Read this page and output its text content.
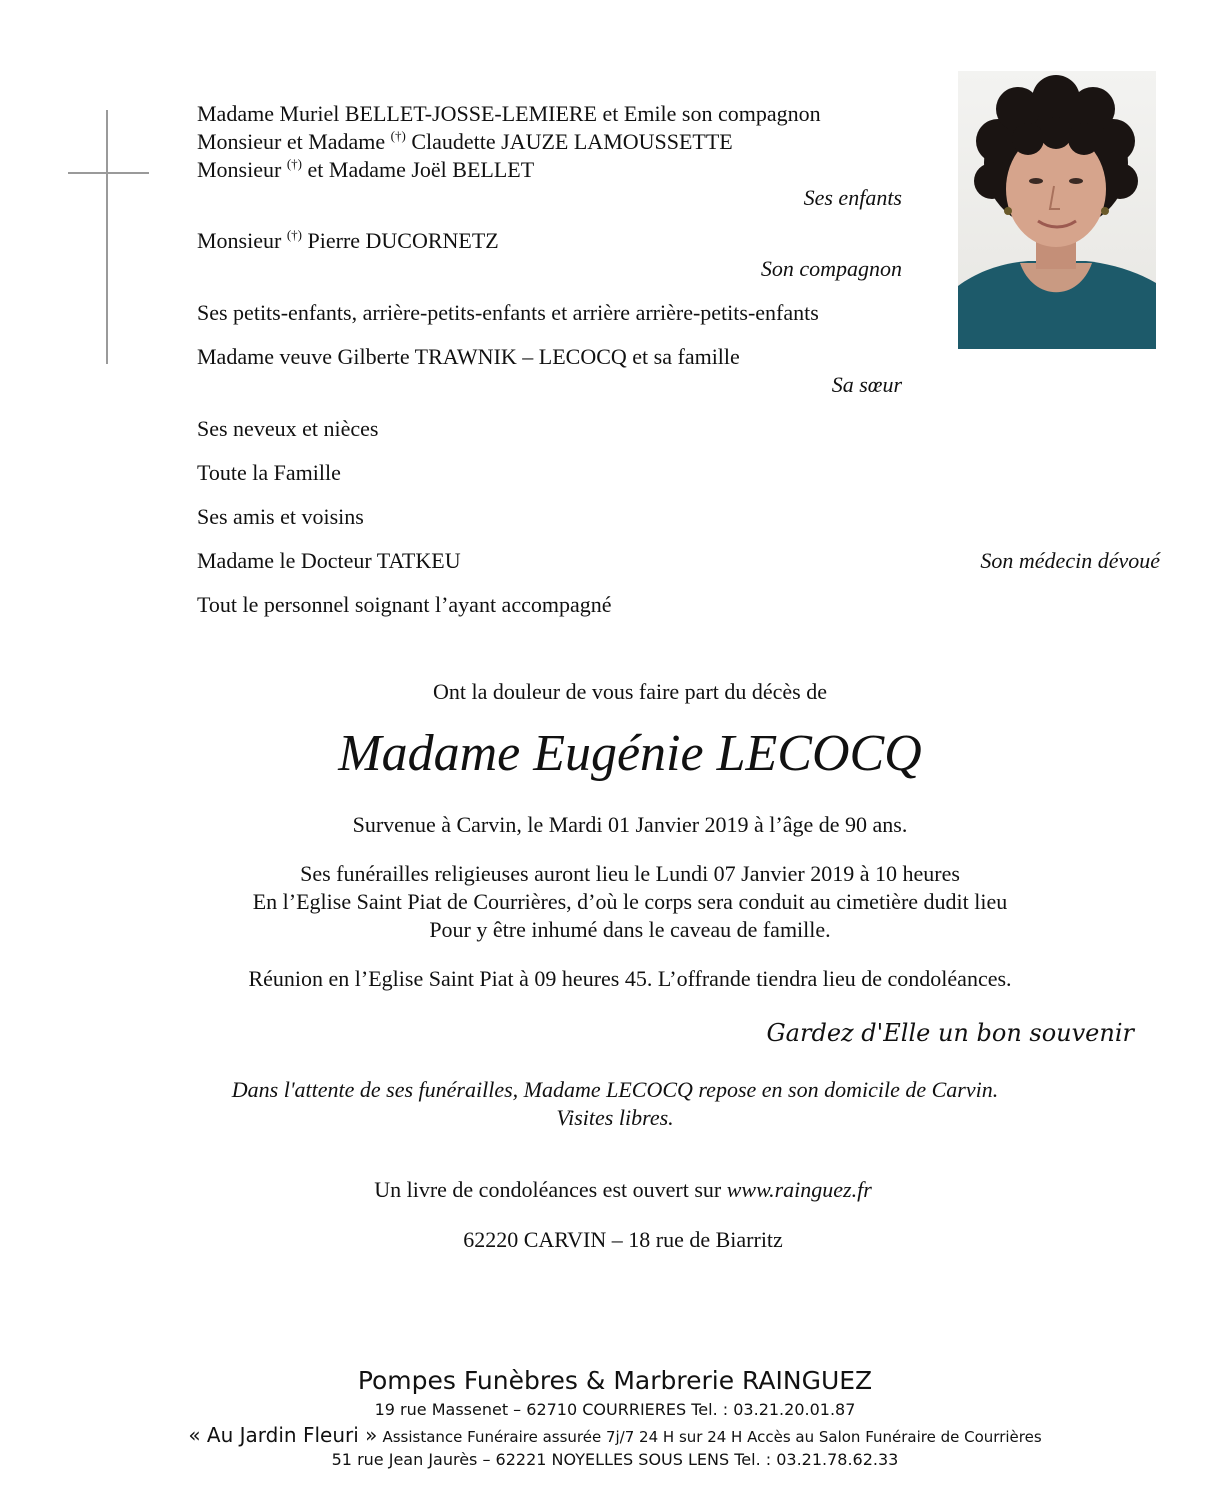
Madame Muriel BELLET-JOSSE-LEMIERE et Emile son compagnon
Monsieur et Madame (†) Claudette JAUZE LAMOUSSETTE
Monsieur (†) et Madame Joël BELLET
Ses enfants
Monsieur (†) Pierre DUCORNETZ
Son compagnon
Ses petits-enfants, arrière-petits-enfants et arrière arrière-petits-enfants
Madame veuve Gilberte TRAWNIK – LECOCQ et sa famille
Sa sœur
Ses neveux et nièces
Toute la Famille
Ses amis et voisins
Madame le Docteur TATKEU	Son médecin dévoué
Tout le personnel soignant l’ayant accompagné
Ont la douleur de vous faire part du décès de
Madame Eugénie LECOCQ
Survenue à Carvin, le Mardi 01 Janvier 2019 à l’âge de 90 ans.
Ses funérailles religieuses auront lieu le Lundi 07 Janvier 2019 à 10 heures
En l’Eglise Saint Piat de Courrières, d’où le corps sera conduit au cimetière dudit lieu
Pour y être inhumé dans le caveau de famille.
Réunion en l’Eglise Saint Piat à 09 heures 45. L’offrande tiendra lieu de condoléances.
Gardez d'Elle un bon souvenir
Dans l'attente de ses funérailles, Madame LECOCQ repose en son domicile de Carvin.
Visites libres.
Un livre de condoléances est ouvert sur www.rainguez.fr
62220 CARVIN – 18 rue de Biarritz
Pompes Funèbres & Marbrerie RAINGUEZ
19 rue Massenet – 62710 COURRIERES Tel. : 03.21.20.01.87
« Au Jardin Fleuri » Assistance Funéraire assurée 7j/7 24 H sur 24 H Accès au Salon Funéraire de Courrières
51 rue Jean Jaurès – 62221 NOYELLES SOUS LENS Tel. : 03.21.78.62.33
